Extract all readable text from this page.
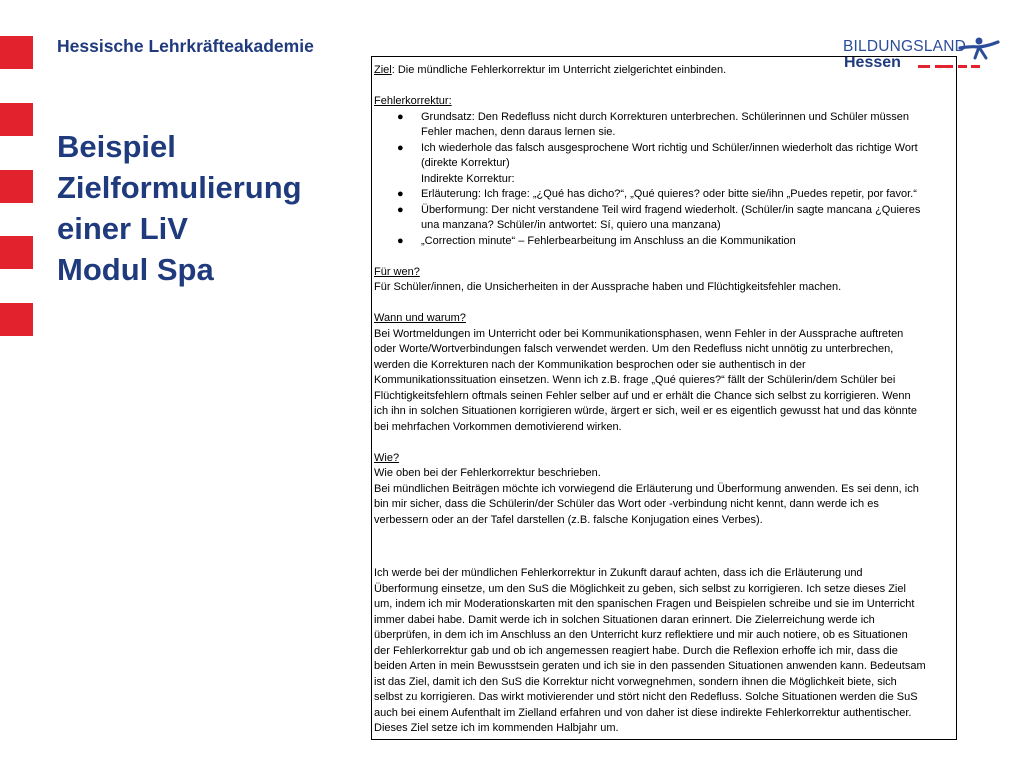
Hessische Lehrkräfteakademie
Beispiel
Zielformulierung
einer LiV
Modul Spa
BILDUNGSLAND
Hessen
Ziel: Die mündliche Fehlerkorrektur im Unterricht zielgerichtet einbinden.
Fehlerkorrektur:
● Grundsatz: Den Redefluss nicht durch Korrekturen unterbrechen. Schülerinnen und Schüler müssen
Fehler machen, denn daraus lernen sie.
● Ich wiederhole das falsch ausgesprochene Wort richtig und Schüler/innen wiederholt das richtige Wort
(direkte Korrektur)
Indirekte Korrektur:
● Erläuterung: Ich frage: „¿Qué has dicho?“, „Qué quieres? oder bitte sie/ihn „Puedes repetir, por favor.“
● Überformung: Der nicht verstandene Teil wird fragend wiederholt. (Schüler/in sagte mancana ¿Quieres
una manzana? Schüler/in antwortet: Sí, quiero una manzana)
● „Correction minute“ – Fehlerbearbeitung im Anschluss an die Kommunikation
Für wen?
Für Schüler/innen, die Unsicherheiten in der Aussprache haben und Flüchtigkeitsfehler machen.
Wann und warum?
Bei Wortmeldungen im Unterricht oder bei Kommunikationsphasen, wenn Fehler in der Aussprache auftreten
oder Worte/Wortverbindungen falsch verwendet werden. Um den Redefluss nicht unnötig zu unterbrechen,
werden die Korrekturen nach der Kommunikation besprochen oder sie authentisch in der
Kommunikationssituation einsetzen. Wenn ich z.B. frage „Qué quieres?“ fällt der Schülerin/dem Schüler bei
Flüchtigkeitsfehlern oftmals seinen Fehler selber auf und er erhält die Chance sich selbst zu korrigieren. Wenn
ich ihn in solchen Situationen korrigieren würde, ärgert er sich, weil er es eigentlich gewusst hat und das könnte
bei mehrfachen Vorkommen demotivierend wirken.
Wie?
Wie oben bei der Fehlerkorrektur beschrieben.
Bei mündlichen Beiträgen möchte ich vorwiegend die Erläuterung und Überformung anwenden. Es sei denn, ich
bin mir sicher, dass die Schülerin/der Schüler das Wort oder -verbindung nicht kennt, dann werde ich es
verbessern oder an der Tafel darstellen (z.B. falsche Konjugation eines Verbes).
Ich werde bei der mündlichen Fehlerkorrektur in Zukunft darauf achten, dass ich die Erläuterung und
Überformung einsetze, um den SuS die Möglichkeit zu geben, sich selbst zu korrigieren. Ich setze dieses Ziel
um, indem ich mir Moderationskarten mit den spanischen Fragen und Beispielen schreibe und sie im Unterricht
immer dabei habe. Damit werde ich in solchen Situationen daran erinnert. Die Zielerreichung werde ich
überprüfen, in dem ich im Anschluss an den Unterricht kurz reflektiere und mir auch notiere, ob es Situationen
der Fehlerkorrektur gab und ob ich angemessen reagiert habe. Durch die Reflexion erhoffe ich mir, dass die
beiden Arten in mein Bewusstsein geraten und ich sie in den passenden Situationen anwenden kann. Bedeutsam
ist das Ziel, damit ich den SuS die Korrektur nicht vorwegnehmen, sondern ihnen die Möglichkeit biete, sich
selbst zu korrigieren. Das wirkt motivierender und stört nicht den Redefluss. Solche Situationen werden die SuS
auch bei einem Aufenthalt im Zielland erfahren und von daher ist diese indirekte Fehlerkorrektur authentischer.
Dieses Ziel setze ich im kommenden Halbjahr um.
